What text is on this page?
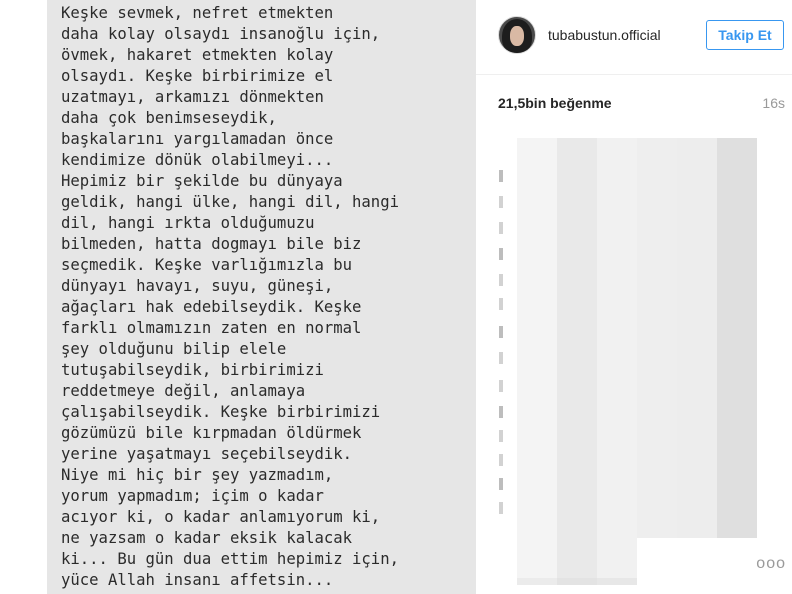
Keşke sevmek, nefret etmekten
daha kolay olsaydı insanoğlu için,
övmek, hakaret etmekten kolay
olsaydı. Keşke birbirimize el
uzatmayı, arkamızı dönmekten
daha çok benimseseydik,
başkalarını yargılamadan önce
kendimize dönük olabilmeyi...
Hepimiz bir şekilde bu dünyaya
geldik, hangi ülke, hangi dil, hangi
dil, hangi ırkta olduğumuzu
bilmeden, hatta dogmayı bile biz
seçmedik. Keşke varlığımızla bu
dünyayı havayı, suyu, güneşi,
ağaçları hak edebilseydik. Keşke
farklı olmamızın zaten en normal
şey olduğunu bilip elele
tutuşabilseydik, birbirimizi
reddetmeye değil, anlamaya
çalışabilseydik. Keşke birbirimizi
gözümüzü bile kırpmadan öldürmek
yerine yaşatmayı seçebilseydik.
Niye mi hiç bir şey yazmadım,
yorum yapmadım; içim o kadar
acıyor ki, o kadar anlamıyorum ki,
ne yazsam o kadar eksik kalacak
ki... Bu gün dua ettim hepimiz için,
yüce Allah insanı affetsin...

tubabustun.official	Takip Et
21,5bin beğenme	16s
ooo
